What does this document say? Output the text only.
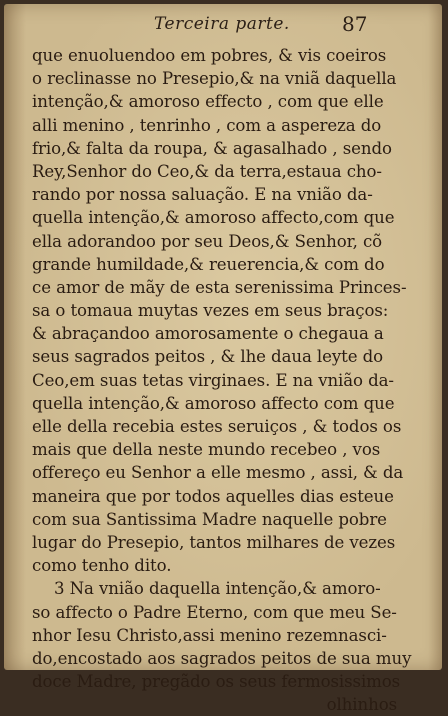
Terceira parte.	87
que enuoluendoo em pobres, & vis coeiros
o reclinasse no Presepio,& na vniã daquella
intenção,& amoroso effecto , com que elle
alli menino , tenrinho , com a aspereza do
frio,& falta da roupa, & agasalhado , sendo
Rey,Senhor do Ceo,& da terra,estaua cho-
rando por nossa saluação. E na vnião da-
quella intenção,& amoroso affecto,com que
ella adorandoo por seu Deos,& Senhor, cõ
grande humildade,& reuerencia,& com do
ce amor de mãy de esta serenissima Princes-
sa o tomaua muytas vezes em seus braços:
& abraçandoo amorosamente o chegaua a
seus sagrados peitos , & lhe daua leyte do
Ceo,em suas tetas virginaes. E na vnião da-
quella intenção,& amoroso affecto com que
elle della recebia estes seruiços , & todos os
mais que della neste mundo recebeo , vos
offereço eu Senhor a elle mesmo , assi, & da
maneira que por todos aquelles dias esteue
com sua Santissima Madre naquelle pobre
lugar do Presepio, tantos milhares de vezes
como tenho dito.
3 Na vnião daquella intenção,& amoro-
so affecto o Padre Eterno, com que meu Se-
nhor Iesu Christo,assi menino rezemnasci-
do,encostado aos sagrados peitos de sua muy
doce Madre, pregãdo os seus fermosissimos
olhinhos
